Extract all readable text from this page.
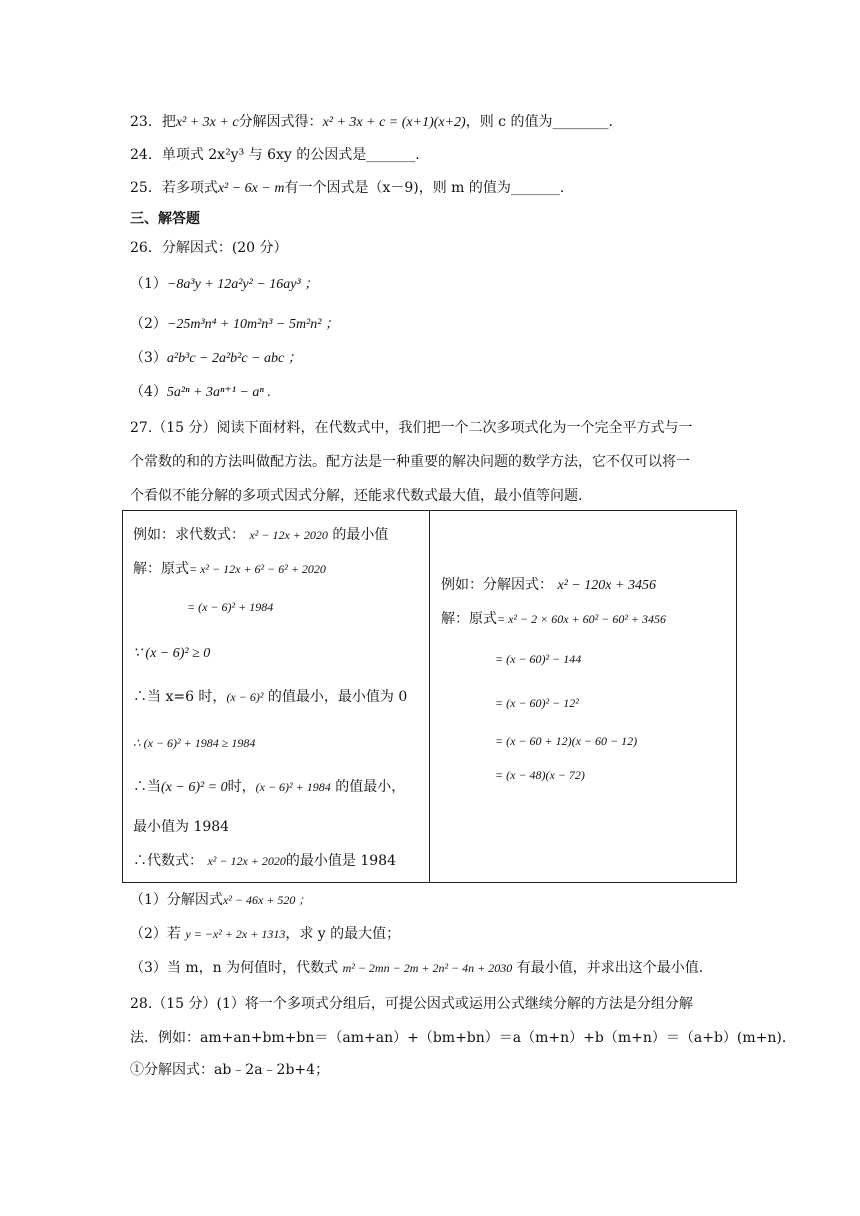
23．把x² + 3x + c分解因式得：x² + 3x + c = (x+1)(x+2)，则 c 的值为________.
24．单项式 2x²y³ 与 6xy 的公因式是_______.
25．若多项式x² − 6x − m有一个因式是（x－9)，则 m 的值为_______.
三、解答题
26．分解因式：(20 分）
（1）−8a³y + 12a²y² − 16ay³ ；
（2）−25m³n⁴ + 10m²n³ − 5m²n² ；
（3）a²b³c − 2a²b²c − abc ；
（4）5a²ⁿ + 3aⁿ⁺¹ − aⁿ .
27.（15 分）阅读下面材料，在代数式中，我们把一个二次多项式化为一个完全平方式与一
个常数的和的方法叫做配方法。配方法是一种重要的解决问题的数学方法，它不仅可以将一
个看似不能分解的多项式因式分解，还能求代数式最大值，最小值等问题.
例如：求代数式： x² − 12x + 2020 的最小值
解：原式= x² − 12x + 6² − 6² + 2020
= (x − 6)² + 1984
∵ (x − 6)² ≥ 0
∴当 x=6 时，(x − 6)² 的值最小，最小值为 0
∴ (x − 6)² + 1984 ≥ 1984
∴当(x − 6)² = 0时，(x − 6)² + 1984 的值最小，
最小值为 1984
∴代数式： x² − 12x + 2020的最小值是 1984
例如：分解因式： x² − 120x + 3456
解：原式= x² − 2 × 60x + 60² − 60² + 3456
= (x − 60)² − 144
= (x − 60)² − 12²
= (x − 60 + 12)(x − 60 − 12)
= (x − 48)(x − 72)
（1）分解因式x² − 46x + 520 ；
（2）若 y = −x² + 2x + 1313，求 y 的最大值；
（3）当 m，n 为何值时，代数式 m² − 2mn − 2m + 2n² − 4n + 2030 有最小值，并求出这个最小值.
28.（15 分）(1）将一个多项式分组后，可提公因式或运用公式继续分解的方法是分组分解
法．例如：am+an+bm+bn＝（am+an）+（bm+bn）＝a（m+n）+b（m+n）＝（a+b）(m+n)．
①分解因式：ab﹣2a﹣2b+4；
